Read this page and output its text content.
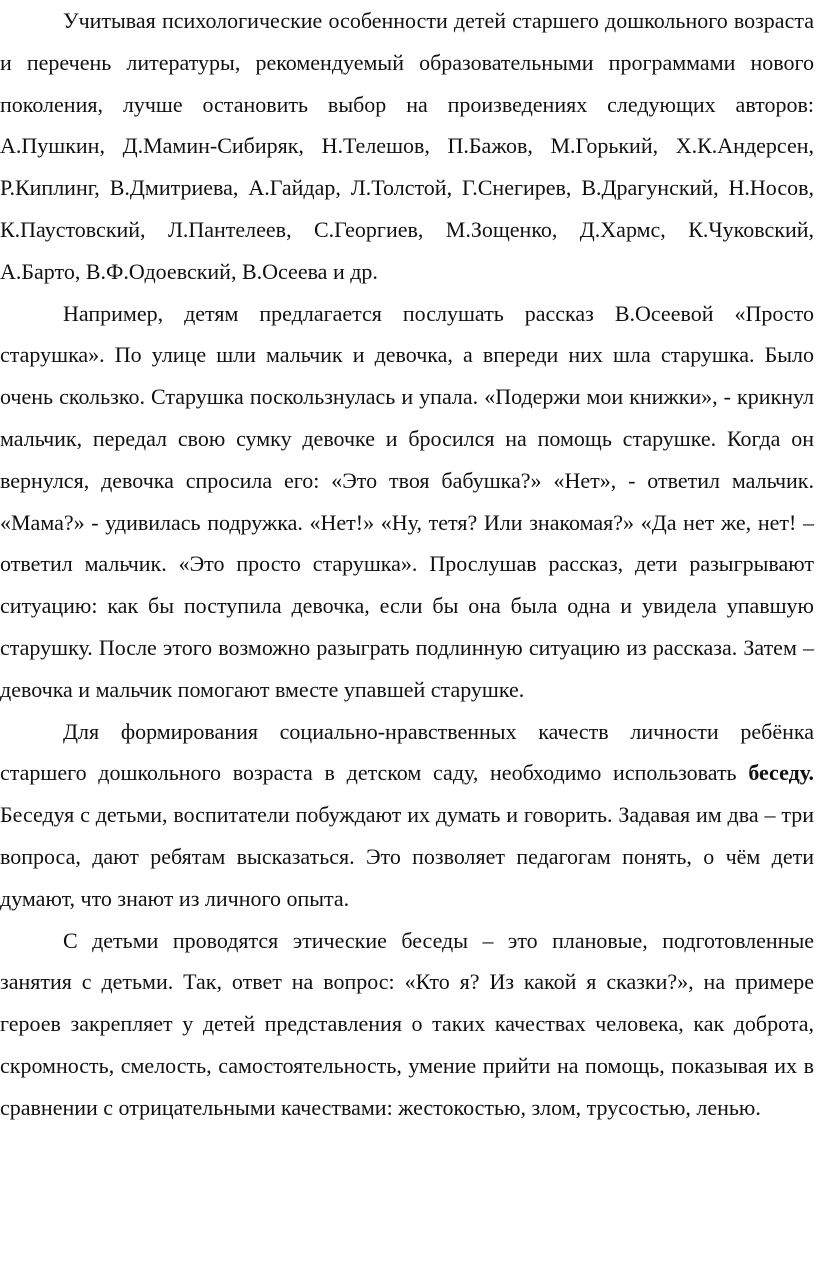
Учитывая психологические особенности детей старшего дошкольного возраста и перечень литературы, рекомендуемый образовательными программами нового поколения, лучше остановить выбор на произведениях следующих авторов: А.Пушкин, Д.Мамин-Сибиряк, Н.Телешов, П.Бажов, М.Горький, Х.К.Андерсен, Р.Киплинг, В.Дмитриева, А.Гайдар, Л.Толстой, Г.Снегирев, В.Драгунский, Н.Носов, К.Паустовский, Л.Пантелеев, С.Георгиев, М.Зощенко, Д.Хармс, К.Чуковский, А.Барто, В.Ф.Одоевский, В.Осеева и др.

Например, детям предлагается послушать рассказ В.Осеевой «Просто старушка». По улице шли мальчик и девочка, а впереди них шла старушка. Было очень скользко. Старушка поскользнулась и упала. «Подержи мои книжки», - крикнул мальчик, передал свою сумку девочке и бросился на помощь старушке. Когда он вернулся, девочка спросила его: «Это твоя бабушка?» «Нет», - ответил мальчик. «Мама?» - удивилась подружка. «Нет!» «Ну, тетя? Или знакомая?» «Да нет же, нет! – ответил мальчик. «Это просто старушка». Прослушав рассказ, дети разыгрывают ситуацию: как бы поступила девочка, если бы она была одна и увидела упавшую старушку. После этого возможно разыграть подлинную ситуацию из рассказа. Затем – девочка и мальчик помогают вместе упавшей старушке.

Для формирования социально-нравственных качеств личности ребёнка старшего дошкольного возраста в детском саду, необходимо использовать беседу. Беседуя с детьми, воспитатели побуждают их думать и говорить. Задавая им два – три вопроса, дают ребятам высказаться. Это позволяет педагогам понять, о чём дети думают, что знают из личного опыта.

С детьми проводятся этические беседы – это плановые, подготовленные занятия с детьми. Так, ответ на вопрос: «Кто я? Из какой я сказки?», на примере героев закрепляет у детей представления о таких качествах человека, как доброта, скромность, смелость, самостоятельность, умение прийти на помощь, показывая их в сравнении с отрицательными качествами: жестокостью, злом, трусостью, ленью.
